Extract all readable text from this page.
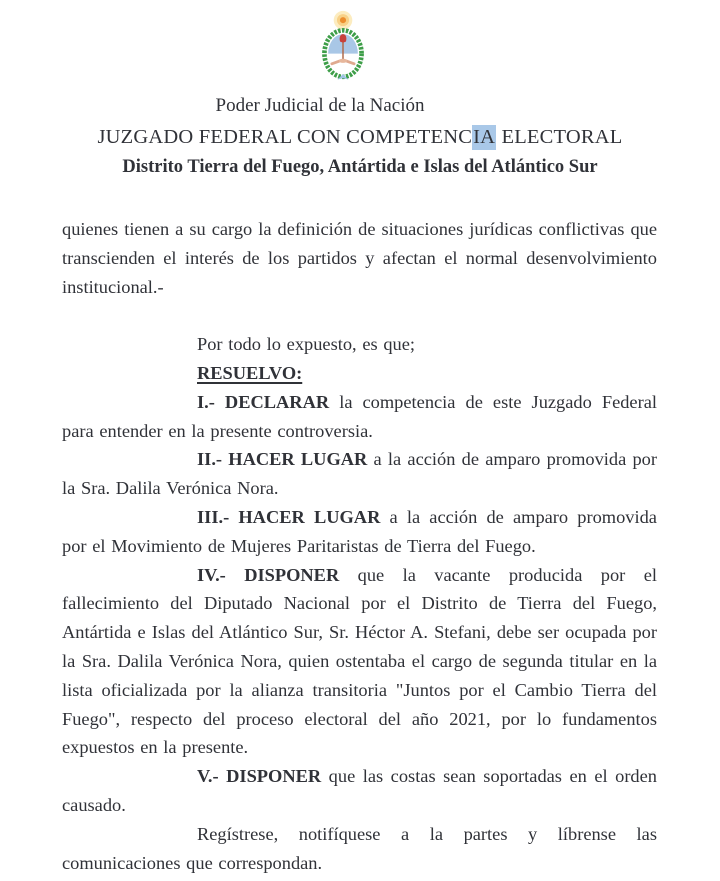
Poder Judicial de la Nación
JUZGADO FEDERAL CON COMPETENCIA ELECTORAL
Distrito Tierra del Fuego, Antártida e Islas del Atlántico Sur

quienes tienen a su cargo la definición de situaciones jurídicas conflictivas que transcienden el interés de los partidos y afectan el normal desenvolvimiento institucional.-

Por todo lo expuesto, es que;

RESUELVO:

I.- DECLARAR la competencia de este Juzgado Federal para entender en la presente controversia.

II.- HACER LUGAR a la acción de amparo promovida por la Sra. Dalila Verónica Nora.

III.- HACER LUGAR a la acción de amparo promovida por el Movimiento de Mujeres Paritaristas de Tierra del Fuego.

IV.- DISPONER que la vacante producida por el fallecimiento del Diputado Nacional por el Distrito de Tierra del Fuego, Antártida e Islas del Atlántico Sur, Sr. Héctor A. Stefani, debe ser ocupada por la Sra. Dalila Verónica Nora, quien ostentaba el cargo de segunda titular en la lista oficializada por la alianza transitoria "Juntos por el Cambio Tierra del Fuego", respecto del proceso electoral del año 2021, por lo fundamentos expuestos en la presente.

V.- DISPONER que las costas sean soportadas en el orden causado.

Regístrese, notifíquese a la partes y líbrense las comunicaciones que correspondan.
